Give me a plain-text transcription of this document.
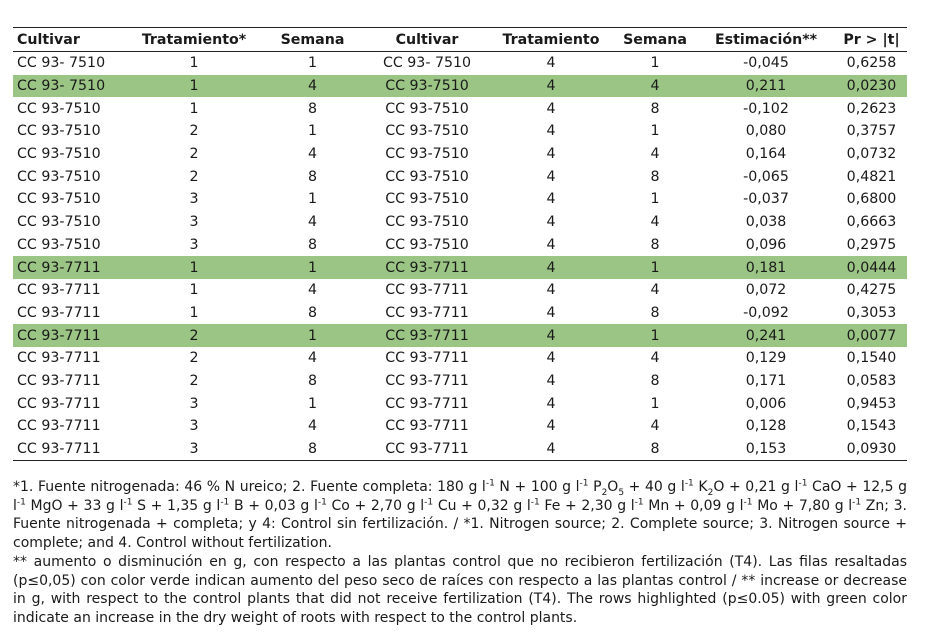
Cultivar	Tratamiento*	Semana	Cultivar	Tratamiento	Semana	Estimación**	Pr > |t|
CC 93- 7510	1	1	CC 93- 7510	4	1	-0,045	0,6258
CC 93- 7510	1	4	CC 93-7510	4	4	0,211	0,0230
CC 93-7510	1	8	CC 93-7510	4	8	-0,102	0,2623
CC 93-7510	2	1	CC 93-7510	4	1	0,080	0,3757
CC 93-7510	2	4	CC 93-7510	4	4	0,164	0,0732
CC 93-7510	2	8	CC 93-7510	4	8	-0,065	0,4821
CC 93-7510	3	1	CC 93-7510	4	1	-0,037	0,6800
CC 93-7510	3	4	CC 93-7510	4	4	0,038	0,6663
CC 93-7510	3	8	CC 93-7510	4	8	0,096	0,2975
CC 93-7711	1	1	CC 93-7711	4	1	0,181	0,0444
CC 93-7711	1	4	CC 93-7711	4	4	0,072	0,4275
CC 93-7711	1	8	CC 93-7711	4	8	-0,092	0,3053
CC 93-7711	2	1	CC 93-7711	4	1	0,241	0,0077
CC 93-7711	2	4	CC 93-7711	4	4	0,129	0,1540
CC 93-7711	2	8	CC 93-7711	4	8	0,171	0,0583
CC 93-7711	3	1	CC 93-7711	4	1	0,006	0,9453
CC 93-7711	3	4	CC 93-7711	4	4	0,128	0,1543
CC 93-7711	3	8	CC 93-7711	4	8	0,153	0,0930

*1. Fuente nitrogenada: 46 % N ureico; 2. Fuente completa: 180 g $l^{-1}$ N + 100 g $l^{-1}$ $P_2O_5 + 40$ g $l^{-1}$ $K_2O + 0,21$ g $l^{-1}$ CaO + 12,5 g $l^{-1}$ MgO + 33 g $l^{-1}$ S + 1,35 g $l^{-1}$ B + 0,03 g $l^{-1}$ Co + 2,70 g $l^{-1}$ Cu + 0,32 g $l^{-1}$ Fe + 2,30 g $l^{-1}$ Mn + 0,09 g $l^{-1}$ Mo + 7,80 g $l^{-1}$ Zn; 3. Fuente nitrogenada + completa; y 4: Control sin fertilización. / *1. Nitrogen source; 2. Complete source; 3. Nitrogen source + complete; and 4. Control without fertilization.

** aumento o disminución en g, con respecto a las plantas control que no recibieron fertilización (T4). Las filas resaltadas (p≤0,05) con color verde indican aumento del peso seco de raíces con respecto a las plantas control / ** increase or decrease in g, with respect to the control plants that did not receive fertilization (T4). The rows highlighted (p≤0.05) with green color indicate an increase in the dry weight of roots with respect to the control plants.
